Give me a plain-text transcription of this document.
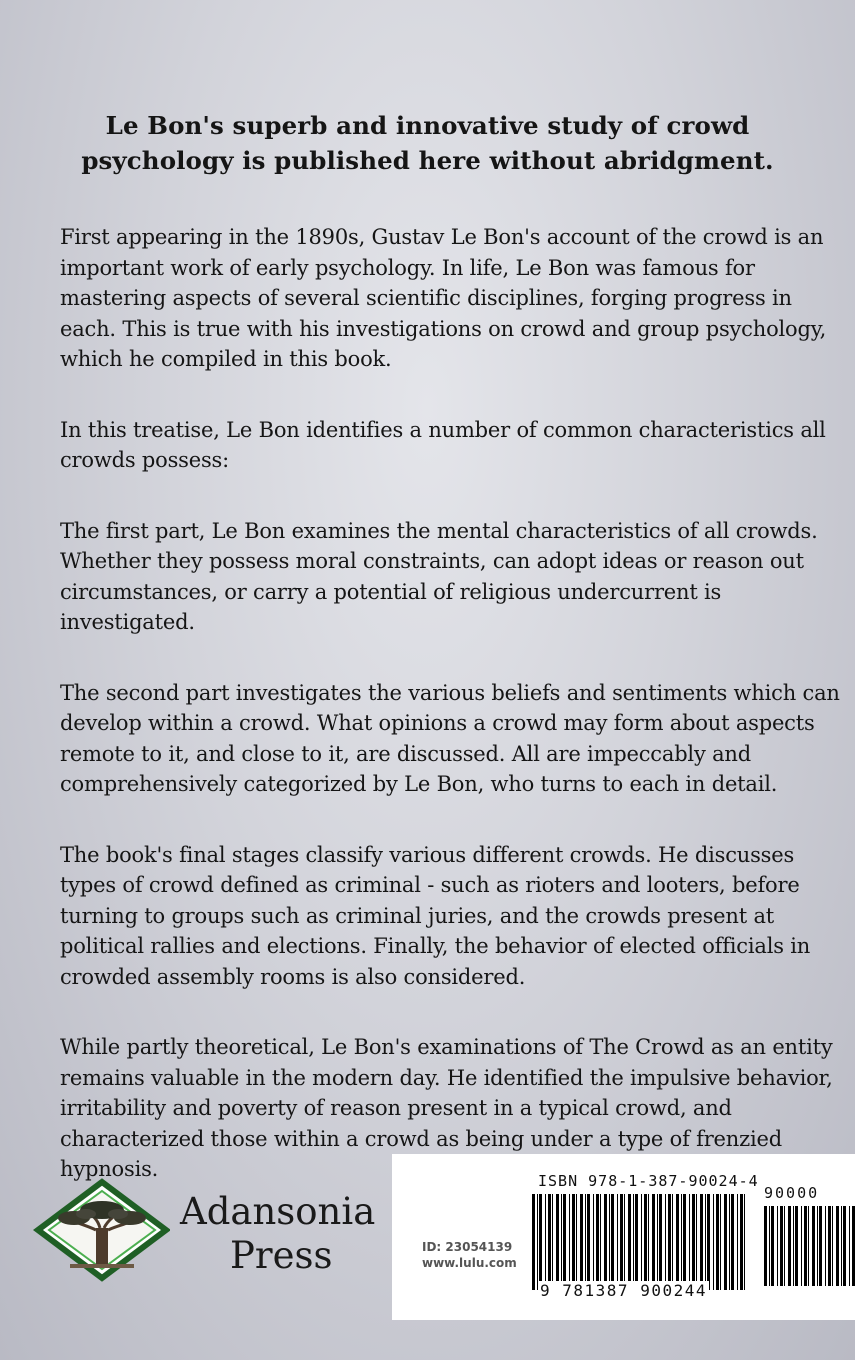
Le Bon's superb and innovative study of crowd psychology is published here without abridgment.

First appearing in the 1890s, Gustav Le Bon's account of the crowd is an important work of early psychology. In life, Le Bon was famous for mastering aspects of several scientific disciplines, forging progress in each. This is true with his investigations on crowd and group psychology, which he compiled in this book.

In this treatise, Le Bon identifies a number of common characteristics all crowds possess:

The first part, Le Bon examines the mental characteristics of all crowds. Whether they possess moral constraints, can adopt ideas or reason out circumstances, or carry a potential of religious undercurrent is investigated.

The second part investigates the various beliefs and sentiments which can develop within a crowd. What opinions a crowd may form about aspects remote to it, and close to it, are discussed. All are impeccably and comprehensively categorized by Le Bon, who turns to each in detail.

The book's final stages classify various different crowds. He discusses types of crowd defined as criminal - such as rioters and looters, before turning to groups such as criminal juries, and the crowds present at political rallies and elections. Finally, the behavior of elected officials in crowded assembly rooms is also considered.

While partly theoretical, Le Bon's examinations of The Crowd as an entity remains valuable in the modern day. He identified the impulsive behavior, irritability and poverty of reason present in a typical crowd, and characterized those within a crowd as being under a type of frenzied hypnosis.

Adansonia
Press
ISBN 978-1-387-90024-4
90000
ID: 23054139
www.lulu.com
9 781387 900244
